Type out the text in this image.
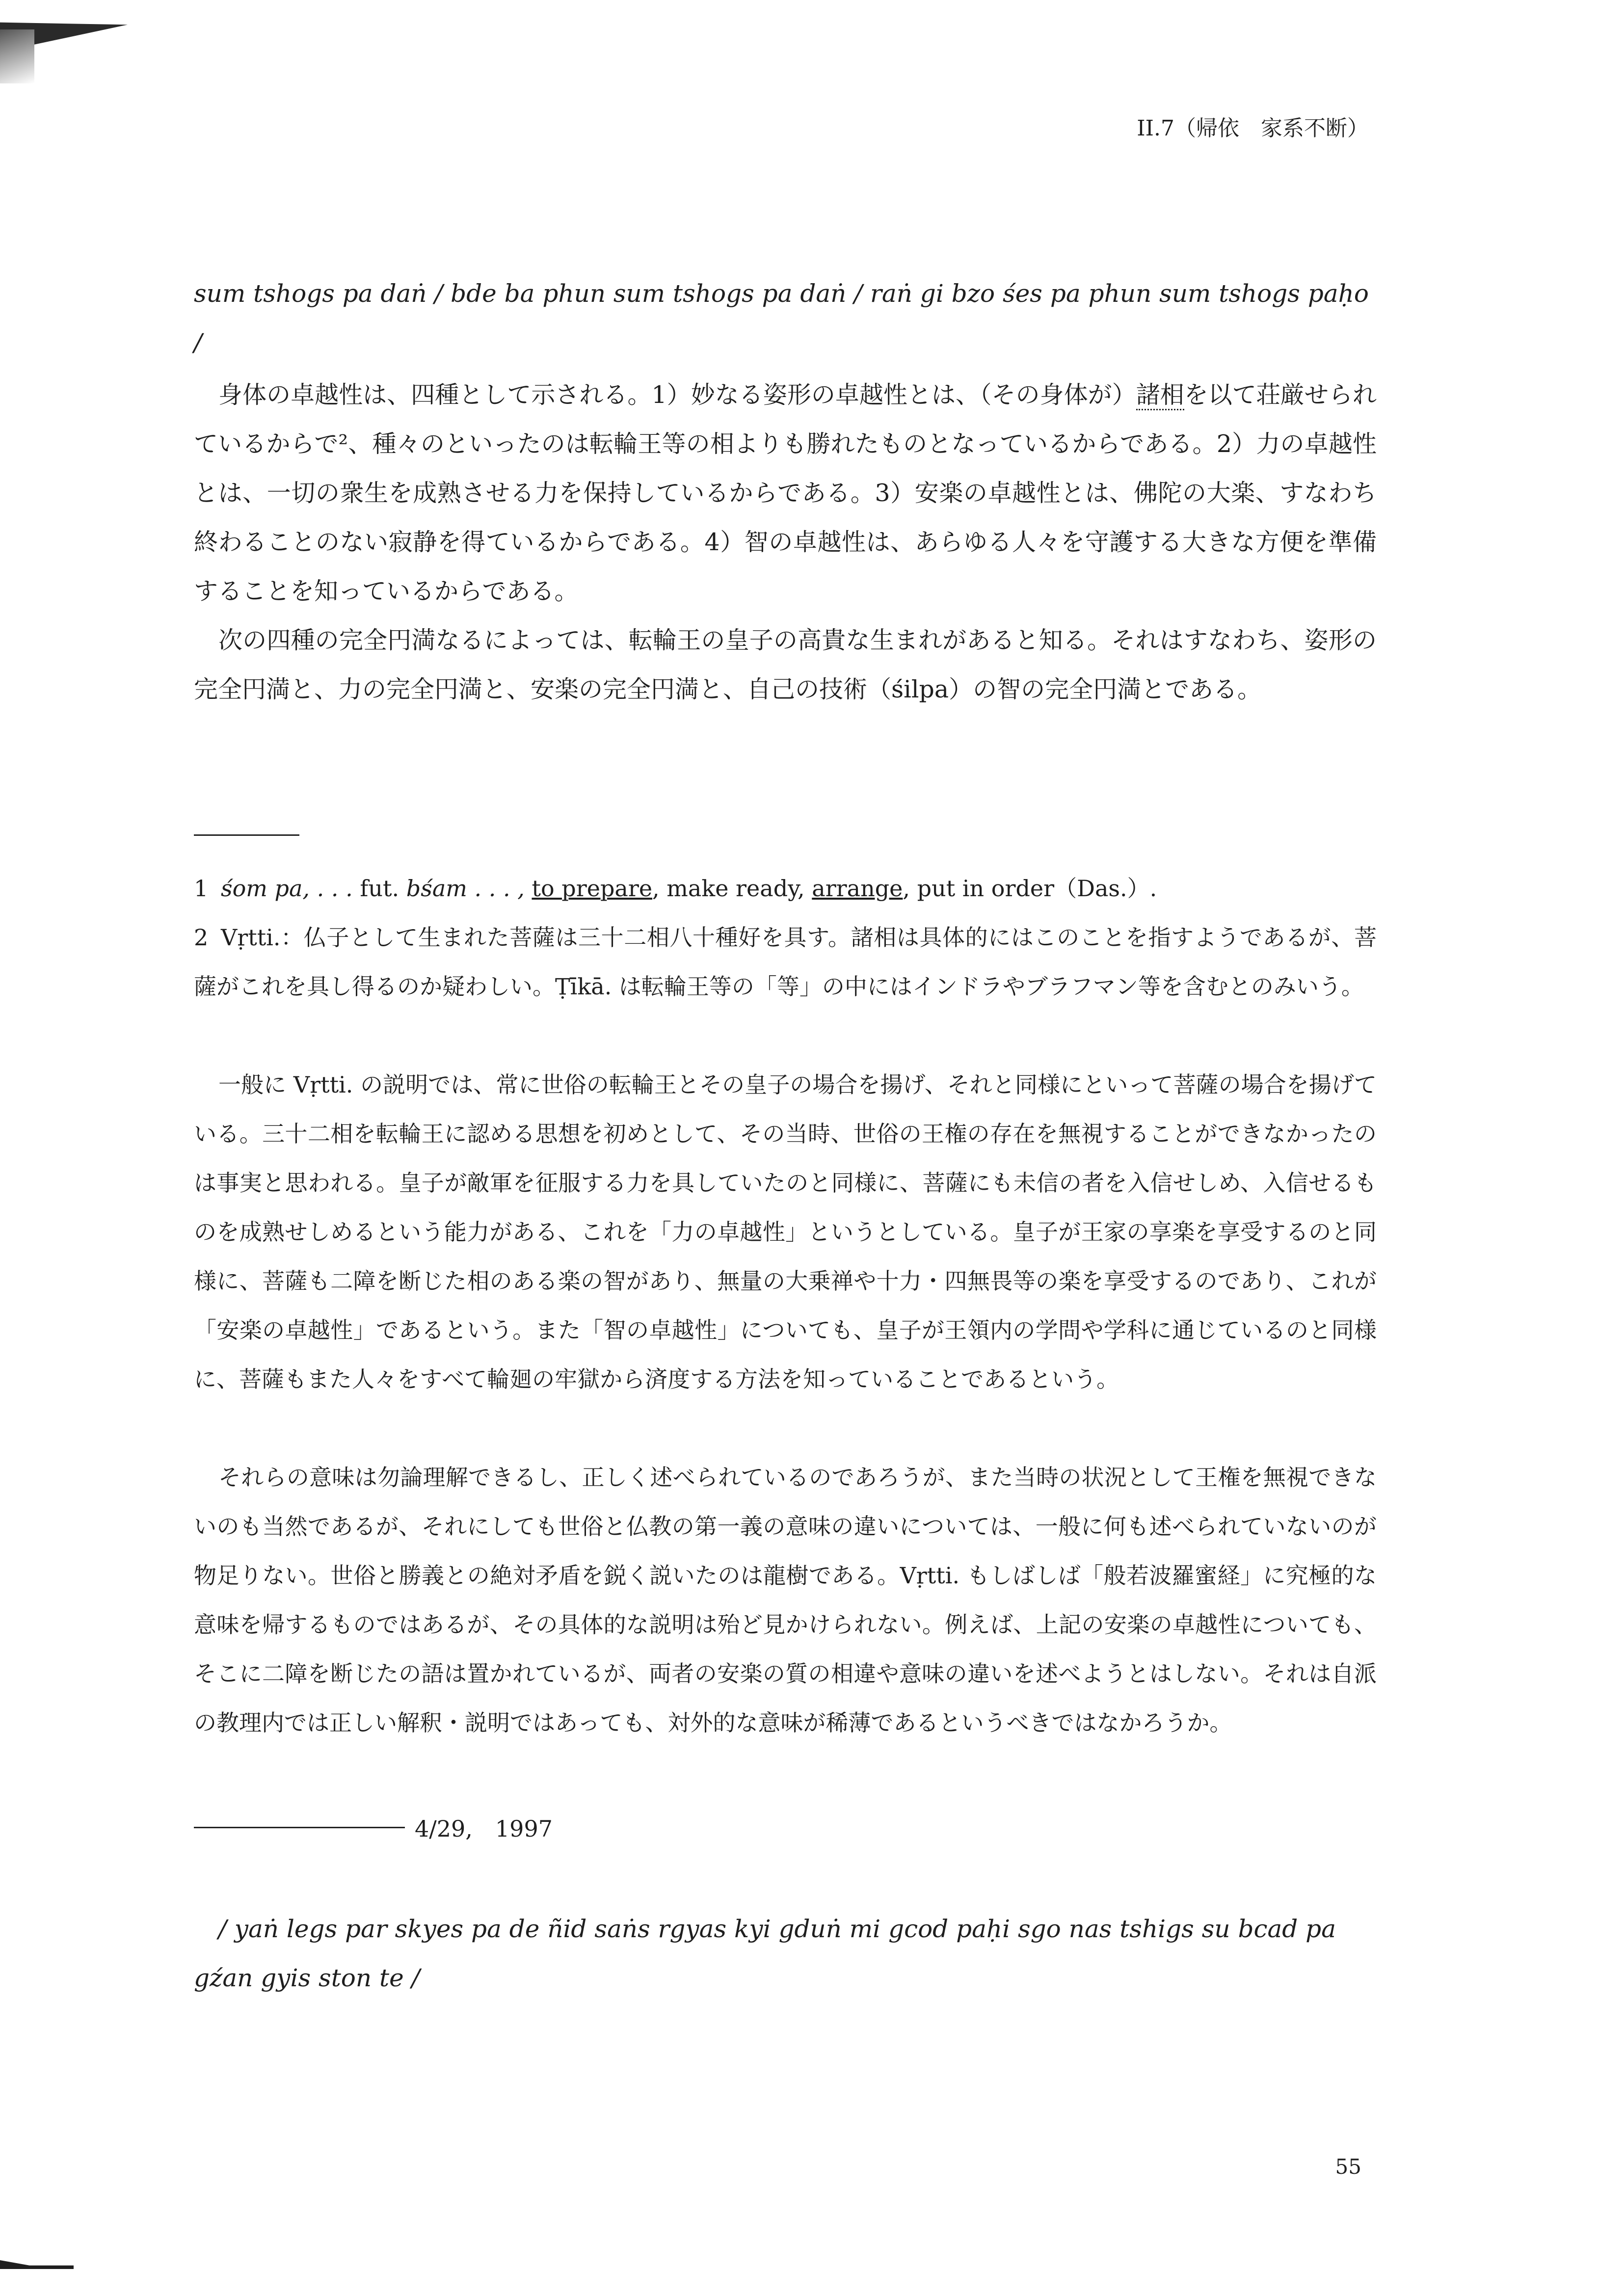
II.7（帰依　家系不断）
sum tshogs pa daṅ / bde ba phun sum tshogs pa daṅ / raṅ gi bzo śes pa phun sum tshogs paḥo /

身体の卓越性は、四種として示される。1）妙なる姿形の卓越性とは、（その身体が）諸相を以て荘厳せられているからで²、種々のといったのは転輪王等の相よりも勝れたものとなっているからである。2）力の卓越性とは、一切の衆生を成熟させる力を保持しているからである。3）安楽の卓越性とは、佛陀の大楽、すなわち終わることのない寂静を得ているからである。4）智の卓越性は、あらゆる人々を守護する大きな方便を準備することを知っているからである。

次の四種の完全円満なるによっては、転輪王の皇子の高貴な生まれがあると知る。それはすなわち、姿形の完全円満と、力の完全円満と、安楽の完全円満と、自己の技術（śilpa）の智の完全円満とである。

1 śom pa, . . . fut. bśam . . . , to prepare, make ready, arrange, put in order（Das.）.

2 Vṛtti.：仏子として生まれた菩薩は三十二相八十種好を具す。諸相は具体的にはこのことを指すようであるが、菩薩がこれを具し得るのか疑わしい。Ṭīkā. は転輪王等の「等」の中にはインドラやブラフマン等を含むとのみいう。

一般に Vṛtti. の説明では、常に世俗の転輪王とその皇子の場合を揚げ、それと同様にといって菩薩の場合を揚げている。三十二相を転輪王に認める思想を初めとして、その当時、世俗の王権の存在を無視することができなかったのは事実と思われる。皇子が敵軍を征服する力を具していたのと同様に、菩薩にも未信の者を入信せしめ、入信せるものを成熟せしめるという能力がある、これを「力の卓越性」というとしている。皇子が王家の享楽を享受するのと同様に、菩薩も二障を断じた相のある楽の智があり、無量の大乗禅や十力・四無畏等の楽を享受するのであり、これが「安楽の卓越性」であるという。また「智の卓越性」についても、皇子が王領内の学問や学科に通じているのと同様に、菩薩もまた人々をすべて輪廻の牢獄から済度する方法を知っていることであるという。

それらの意味は勿論理解できるし、正しく述べられているのであろうが、また当時の状況として王権を無視できないのも当然であるが、それにしても世俗と仏教の第一義の意味の違いについては、一般に何も述べられていないのが物足りない。世俗と勝義との絶対矛盾を鋭く説いたのは龍樹である。Vṛtti. もしばしば「般若波羅蜜経」に究極的な意味を帰するものではあるが、その具体的な説明は殆ど見かけられない。例えば、上記の安楽の卓越性についても、そこに二障を断じたの語は置かれているが、両者の安楽の質の相違や意味の違いを述べようとはしない。それは自派の教理内では正しい解釈・説明ではあっても、対外的な意味が稀薄であるというべきではなかろうか。

4/29,　1997
/ yaṅ legs par skyes pa de ñid saṅs rgyas kyi gduṅ mi gcod paḥi sgo nas tshigs su bcad pa gźan gyis ston te /
55
